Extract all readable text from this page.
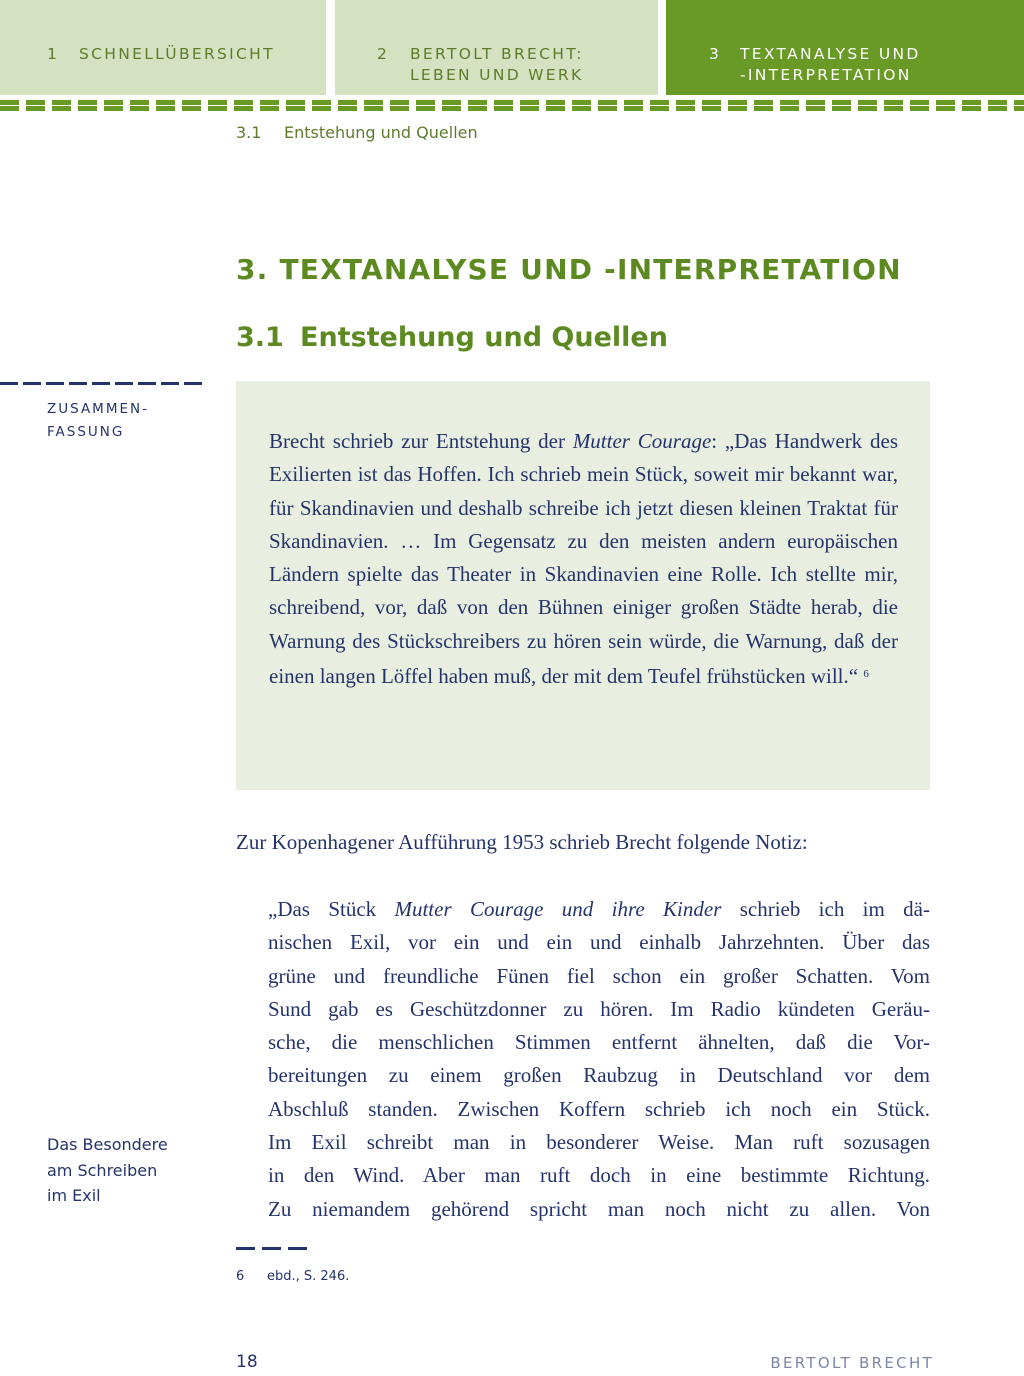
1 SCHNELLÜBERSICHT	2 BERTOLT BRECHT:
LEBEN UND WERK
3 TEXTANALYSE UND
-INTERPRETATION
3.1 Entstehung und Quellen
3. TEXTANALYSE UND -INTERPRETATION
3.1 Entstehung und Quellen
ZUSAMMEN-
FASSUNG
Das Besondere
am Schreiben
im Exil
Brecht schrieb zur Entstehung der Mutter Courage: „Das Handwerk des Exilierten ist das Hoffen. Ich schrieb mein Stück, soweit mir bekannt war, für Skandinavien und deshalb schreibe ich jetzt diesen kleinen Traktat für Skandinavien. … Im Gegensatz zu den meisten andern europäischen Ländern spielte das Theater in Skandinavien eine Rolle. Ich stellte mir, schreibend, vor, daß von den Bühnen einiger großen Städte herab, die Warnung des Stückschreibers zu hören sein würde, die Warnung, daß der einen langen Löffel haben muß, der mit dem Teufel frühstücken will.“ $^6$
Zur Kopenhagener Aufführung 1953 schrieb Brecht folgende Notiz:
„Das Stück Mutter Courage und ihre Kinder schrieb ich im dä-
nischen Exil, vor ein und ein und einhalb Jahrzehnten. Über das
grüne und freundliche Fünen fiel schon ein großer Schatten. Vom
Sund gab es Geschützdonner zu hören. Im Radio kündeten Geräu-
sche, die menschlichen Stimmen entfernt ähnelten, daß die Vor-
bereitungen zu einem großen Raubzug in Deutschland vor dem
Abschluß standen. Zwischen Koffern schrieb ich noch ein Stück.
Im Exil schreibt man in besonderer Weise. Man ruft sozusagen
in den Wind. Aber man ruft doch in eine bestimmte Richtung.
Zu niemandem gehörend spricht man noch nicht zu allen. Von
6 ebd., S. 246.
18	BERTOLT BRECHT
